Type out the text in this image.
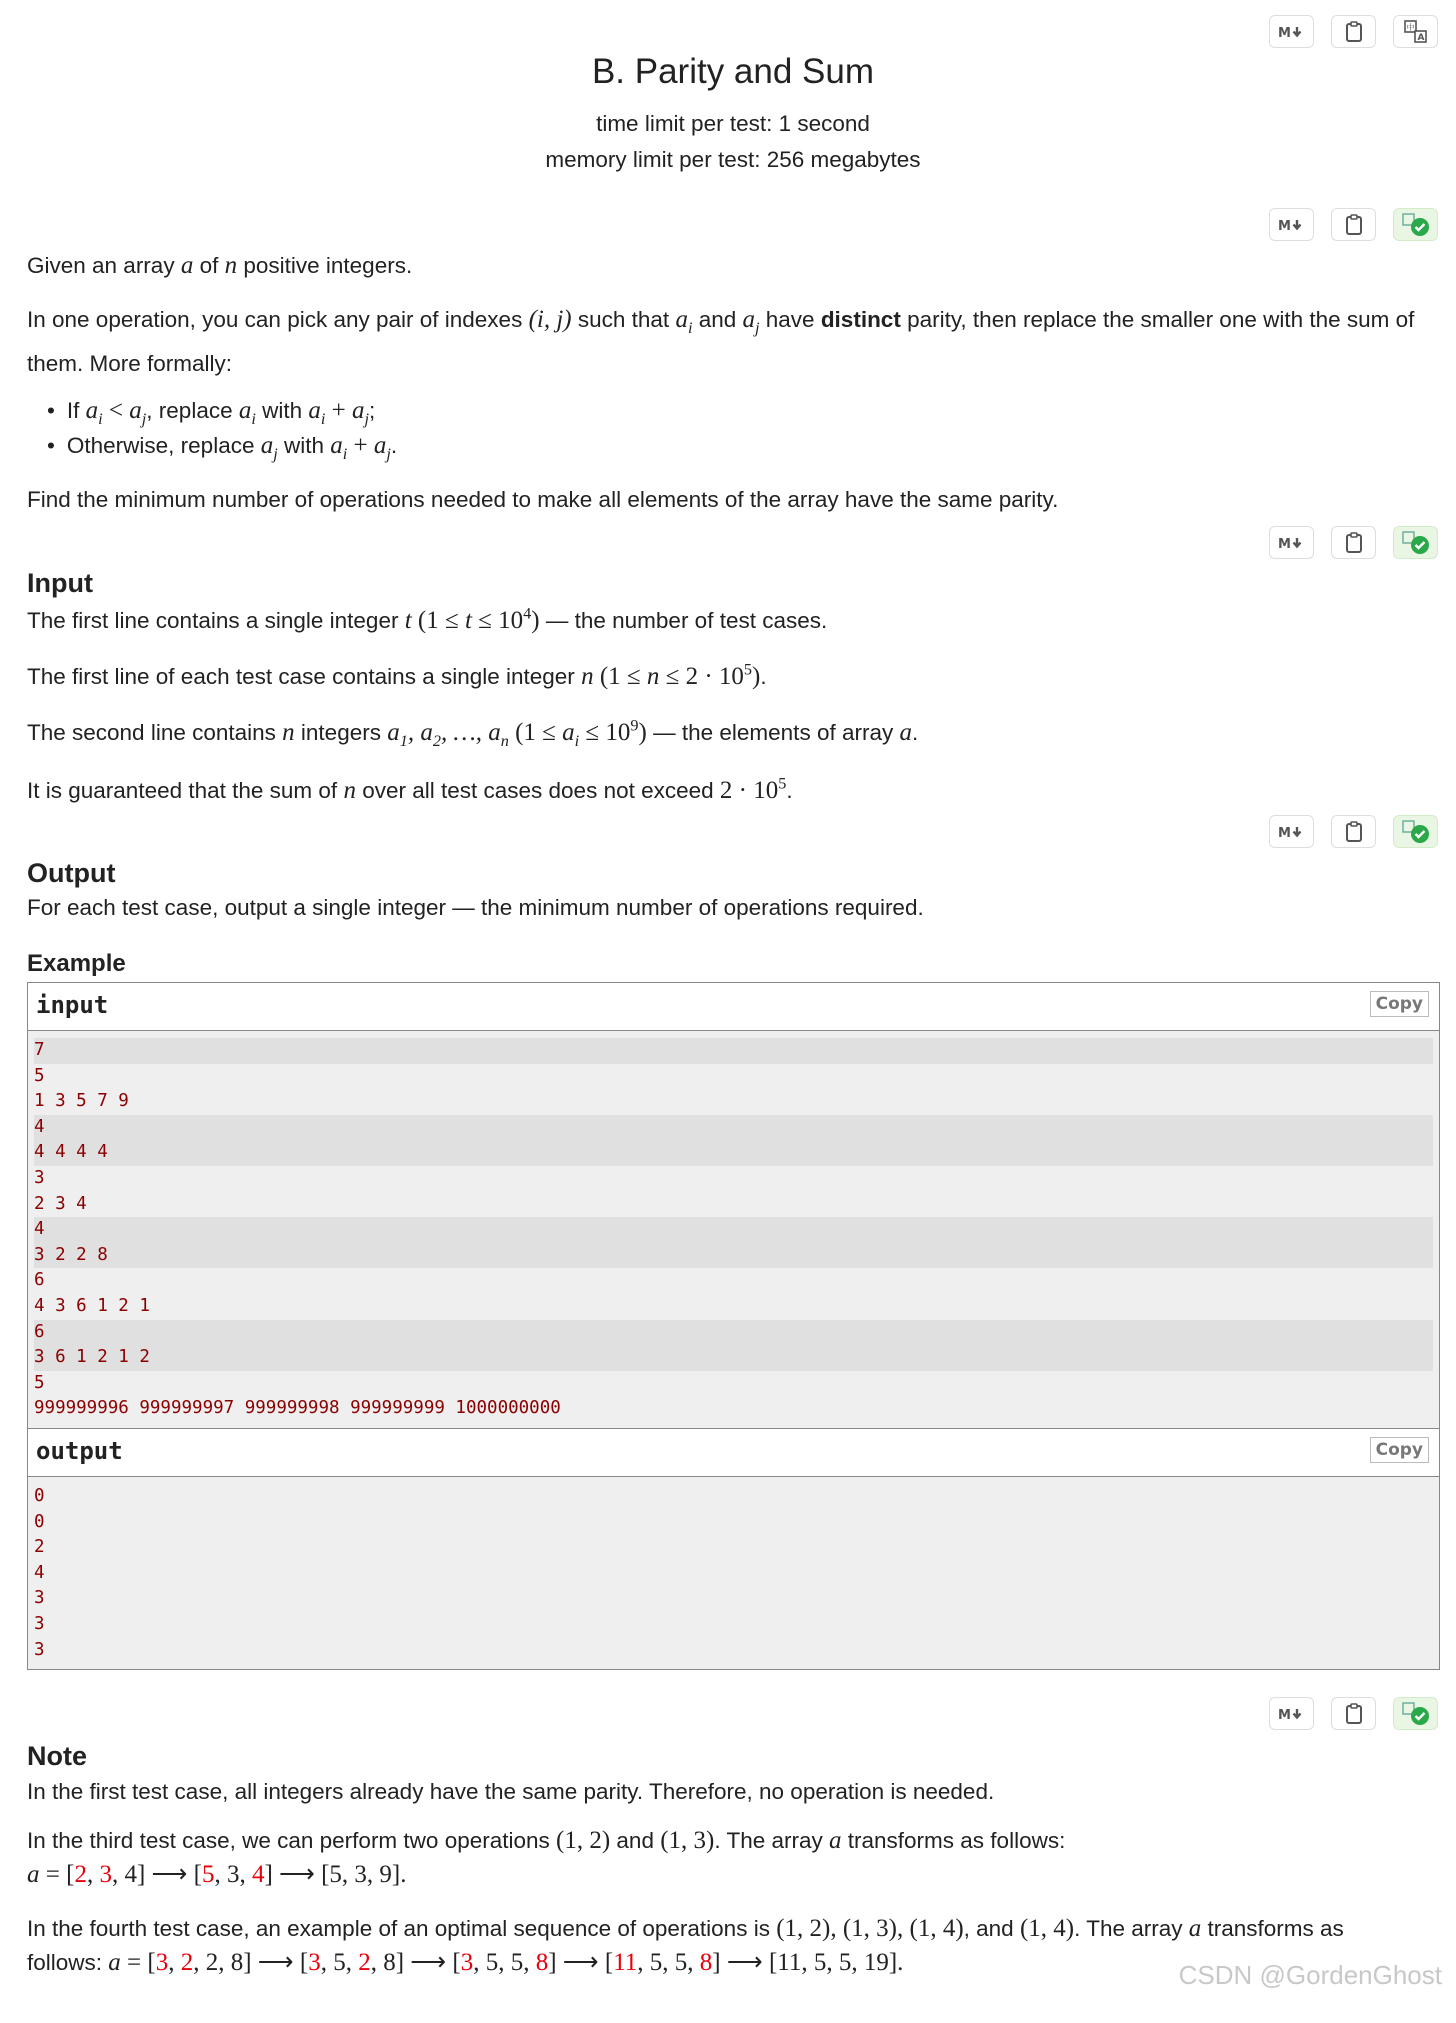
M	中
A
B. Parity and Sum
time limit per test: 1 second
memory limit per test: 256 megabytes
M
Given an array a of n positive integers.
In one operation, you can pick any pair of indexes (i, j) such that $a_i$ and $a_j$ have distinct parity, then replace the smaller one with the sum of them. More formally:
• If $a_i < a_j$, replace $a_i$ with $a_i + a_j$;
• Otherwise, replace $a_j$ with $a_i + a_j$.
Find the minimum number of operations needed to make all elements of the array have the same parity.
M
Input
The first line contains a single integer t $(1 \le t \le 10^4)$ — the number of test cases.
The first line of each test case contains a single integer n $(1 \le n \le 2 \cdot 10^5)$.
The second line contains n integers $a_1$, $a_2$, …, $a_n$ $(1 \le a_i \le 10^9)$ — the elements of array a.
It is guaranteed that the sum of n over all test cases does not exceed $2 \cdot 10^5$.
M
Output
For each test case, output a single integer — the minimum number of operations required.
Example
input	Copy
7
5
1 3 5 7 9
4
4 4 4 4
3
2 3 4
4
3 2 2 8
6
4 3 6 1 2 1
6
3 6 1 2 1 2
5
999999996 999999997 999999998 999999999 1000000000
output	Copy
0
0
2
4
3
3
3
M
Note
In the first test case, all integers already have the same parity. Therefore, no operation is needed.
In the third test case, we can perform two operations (1, 2) and (1, 3). The array a transforms as follows:
a = [2, 3, 4] ⟶ [5, 3, 4] ⟶ [5, 3, 9].
In the fourth test case, an example of an optimal sequence of operations is (1, 2), (1, 3), (1, 4), and (1, 4). The array a transforms as
follows: a = [3, 2, 2, 8] ⟶ [3, 5, 2, 8] ⟶ [3, 5, 5, 8] ⟶ [11, 5, 5, 8] ⟶ [11, 5, 5, 19].	CSDN @GordenGhost
